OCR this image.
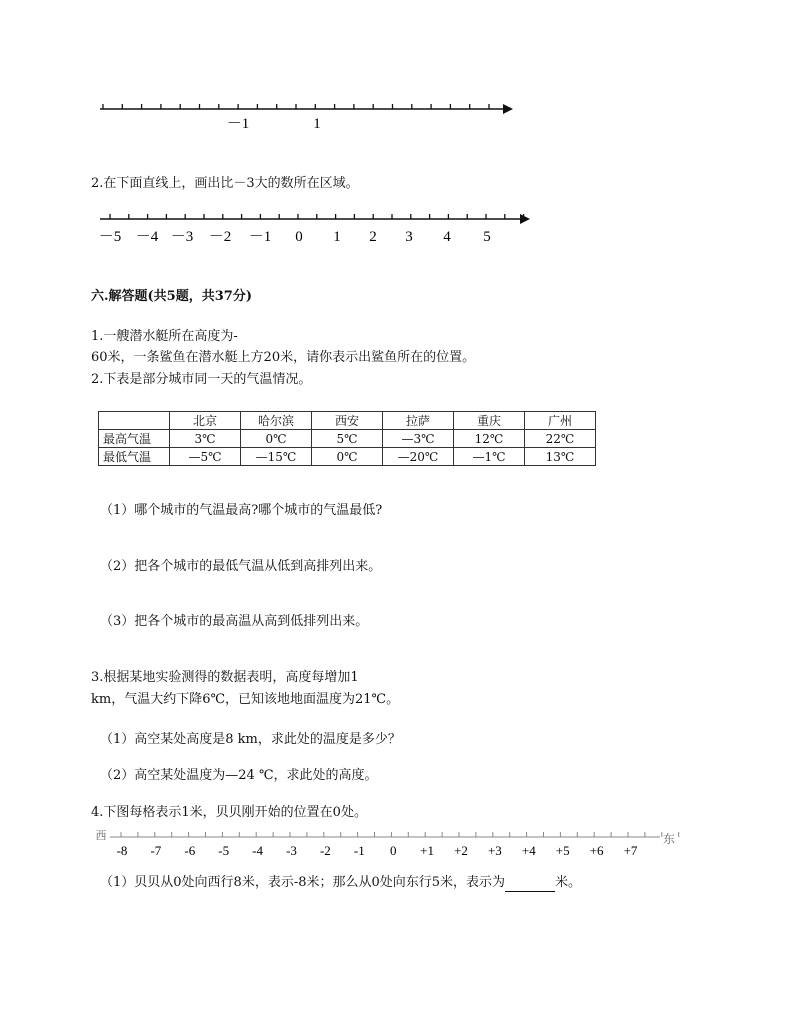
－1	1
2.在下面直线上，画出比－3大的数所在区域。
－5 －4 －3 －2 －1 0 1 2 3 4 5
六.解答题(共5题，共37分)
1.一艘潜水艇所在高度为-
60米，一条鲨鱼在潜水艇上方20米，请你表示出鲨鱼所在的位置。
2.下表是部分城市同一天的气温情况。
	北京	哈尔滨	西安	拉萨	重庆	广州
最高气温	3℃	0℃	5℃	—3℃	12℃	22℃
最低气温	—5℃	—15℃	0℃	—20℃	—1℃	13℃
（1）哪个城市的气温最高?哪个城市的气温最低?
（2）把各个城市的最低气温从低到高排列出来。
（3）把各个城市的最高温从高到低排列出来。
3.根据某地实验测得的数据表明，高度每增加1
km，气温大约下降6℃，已知该地地面温度为21℃。
（1）高空某处高度是8 km，求此处的温度是多少？
（2）高空某处温度为—24 ℃，求此处的高度。
4.下图每格表示1米，贝贝刚开始的位置在0处。
-8 -7 -6 -5 -4 -3 -2 -1 0 +1 +2 +3 +4 +5 +6 +7
西	东
（1）贝贝从0处向西行8米，表示-8米；那么从0处向东行5米，表示为	米。
